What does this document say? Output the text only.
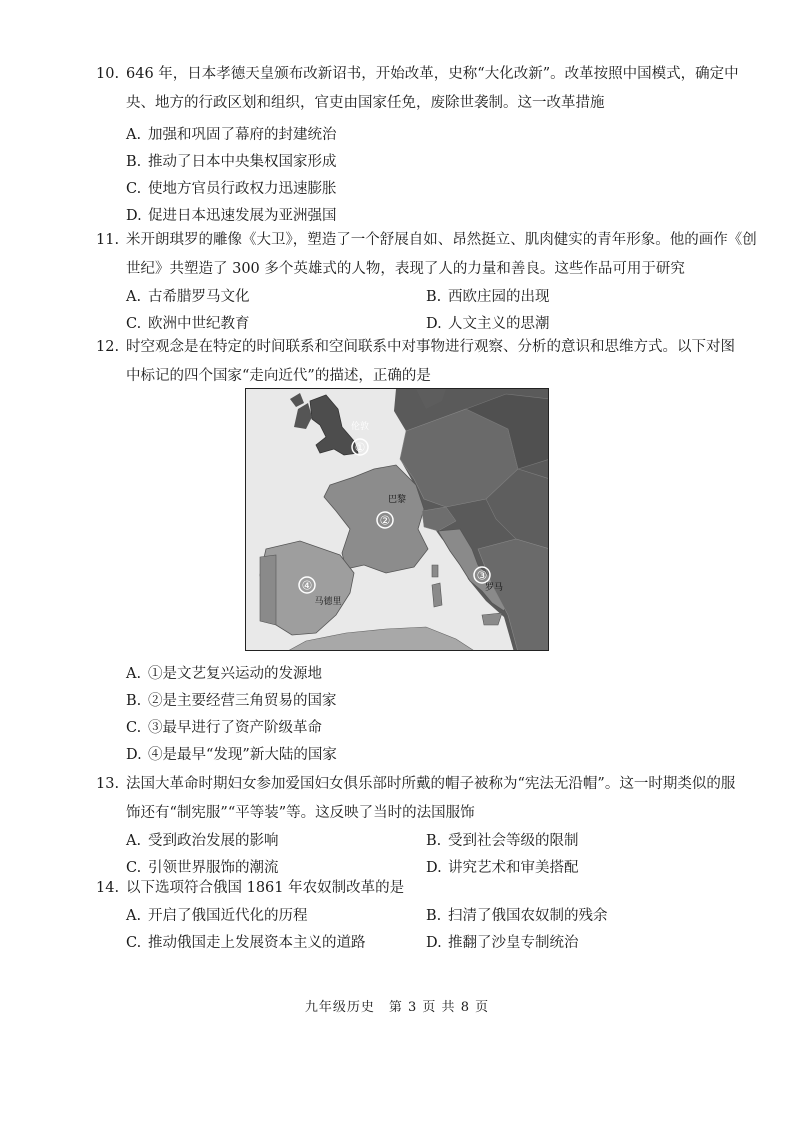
10. 646 年，日本孝德天皇颁布改新诏书，开始改革，史称“大化改新”。改革按照中国模式，确定中
央、地方的行政区划和组织，官吏由国家任免，废除世袭制。这一改革措施
A. 加强和巩固了幕府的封建统治
B. 推动了日本中央集权国家形成
C. 使地方官员行政权力迅速膨胀
D. 促进日本迅速发展为亚洲强国
11. 米开朗琪罗的雕像《大卫》，塑造了一个舒展自如、昂然挺立、肌肉健实的青年形象。他的画作《创
世纪》共塑造了 300 多个英雄式的人物，表现了人的力量和善良。这些作品可用于研究
A. 古希腊罗马文化	B. 西欧庄园的出现
C. 欧洲中世纪教育	D. 人文主义的思潮
12. 时空观念是在特定的时间联系和空间联系中对事物进行观察、分析的意识和思维方式。以下对图
中标记的四个国家“走向近代”的描述，正确的是
①
伦敦
②
巴黎
③
罗马
④
马德里
A. ①是文艺复兴运动的发源地
B. ②是主要经营三角贸易的国家
C. ③最早进行了资产阶级革命
D. ④是最早“发现”新大陆的国家
13. 法国大革命时期妇女参加爱国妇女俱乐部时所戴的帽子被称为“宪法无沿帽”。这一时期类似的服
饰还有“制宪服”“平等装”等。这反映了当时的法国服饰
A. 受到政治发展的影响	B. 受到社会等级的限制
C. 引领世界服饰的潮流	D. 讲究艺术和审美搭配
14. 以下选项符合俄国 1861 年农奴制改革的是
A. 开启了俄国近代化的历程	B. 扫清了俄国农奴制的残余
C. 推动俄国走上发展资本主义的道路	D. 推翻了沙皇专制统治
九年级历史　第 3 页 共 8 页
